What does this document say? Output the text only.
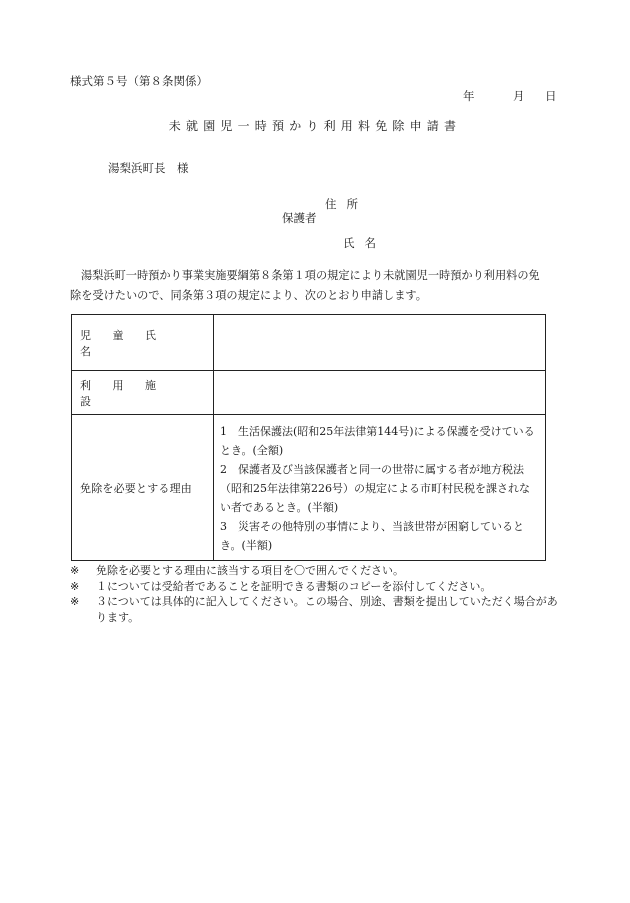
様式第５号（第８条関係）
年	月	日
未就園児一時預かり利用料免除申請書
湯梨浜町長　様
住所
保護者
氏名
湯梨浜町一時預かり事業実施要綱第８条第１項の規定により未就園児一時預かり利用料の免除を受けたいので、同条第３項の規定により、次のとおり申請します。
児童氏名	
利用施設	
免除を必要とする理由	1　生活保護法(昭和25年法律第144号)による保護を受けているとき。(全額)
2　保護者及び当該保護者と同一の世帯に属する者が地方税法（昭和25年法律第226号）の規定による市町村民税を課されない者であるとき。(半額)
3　災害その他特別の事情により、当該世帯が困窮しているとき。(半額)
※	免除を必要とする理由に該当する項目を〇で囲んでください。
※	１については受給者であることを証明できる書類のコピーを添付してください。
※	３については具体的に記入してください。この場合、別途、書類を提出していただく場合があります。
